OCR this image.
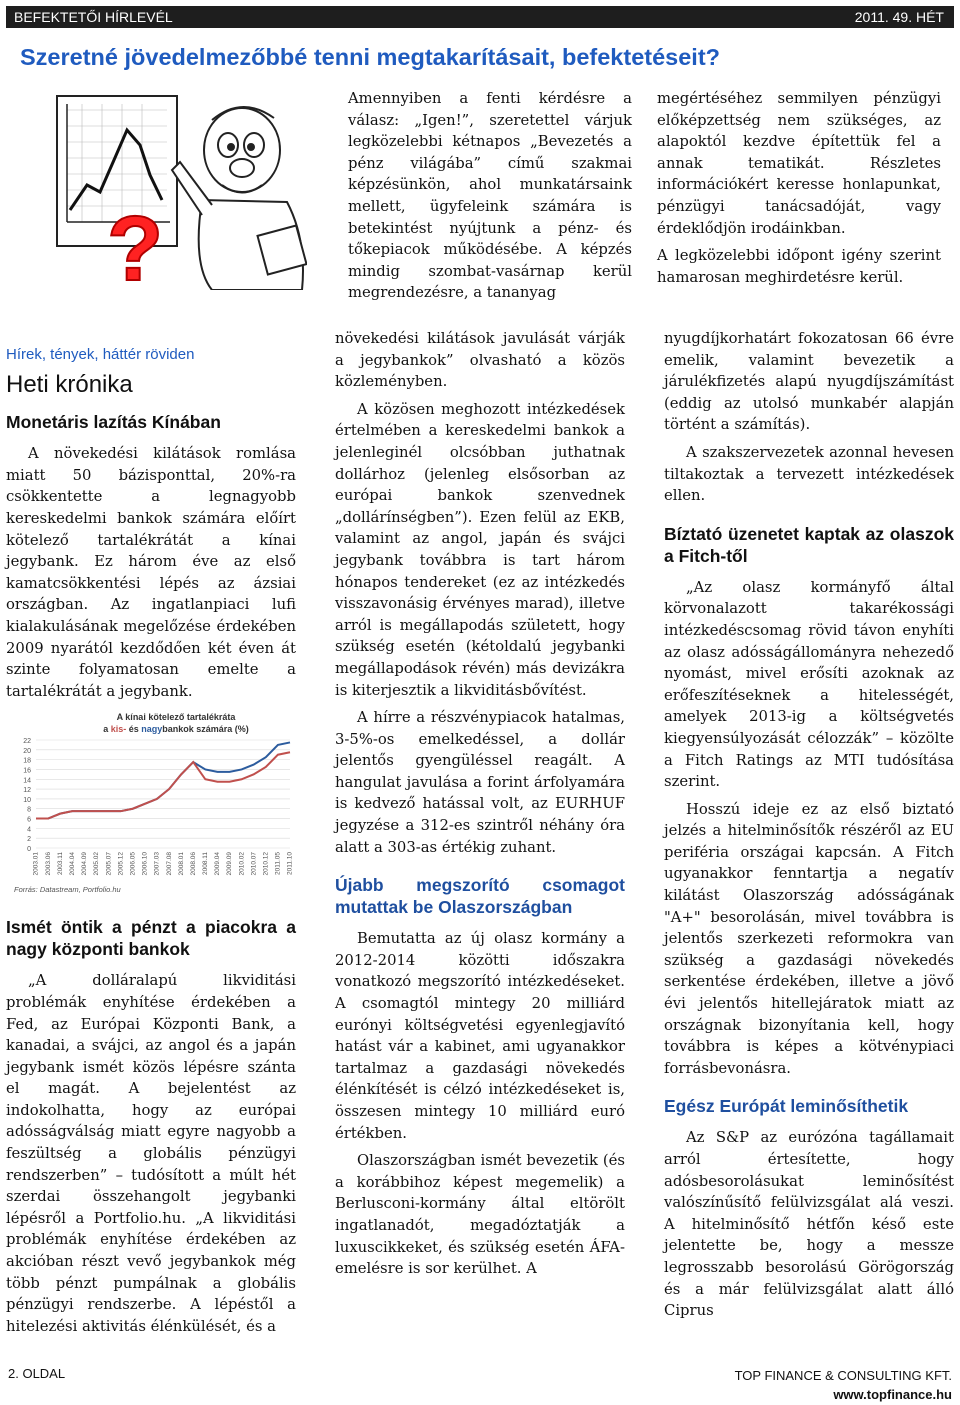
BEFEKTETŐI HÍRLEVÉL	2011. 49. HÉT
Szeretné jövedelmezőbbé tenni megtakarításait, befektetéseit?
?

Amennyiben a fenti kérdésre a válasz: „Igen!”, szeretettel várjuk legközelebbi kétnapos „Bevezetés a pénz világába” című szakmai képzésünkön, ahol munkatársaink mellett, ügyfeleink számára is betekintést nyújtunk a pénz- és tőkepiacok működésébe. A képzés mindig szombat-vasárnap kerül megrendezésre, a tananyag

megértéséhez semmilyen pénzügyi előképzettség nem szükséges, az alapoktól kezdve építettük fel a annak tematikát. Részletes információkért keresse honlapunkat, pénzügyi tanácsadóját, vagy érdeklődjön irodáinkban.

A legközelebbi időpont igény szerint hamarosan meghirdetésre kerül.

Hírek, tények, háttér röviden
Heti krónika
Monetáris lazítás Kínában

A növekedési kilátások romlása miatt 50 bázisponttal, 20%-ra csökkentette a legnagyobb kereskedelmi bankok számára előírt kötelező tartalékrátát a kínai jegybank. Ez három éve az első kamatcsökkentési lépés az ázsiai országban. Az ingatlanpiaci lufi kialakulásának megelőzése érdekében 2009 nyarától kezdődően két éven át szinte folyamatosan emelte a tartalékrátát a jegybank.

A kínai kötelező tartalékráta
a kis- és nagybankok számára (%)
0
2
4
6
8
10
12
14
16
18
20
22
2003.01 2003.06 2003.11 2004.04 2004.09 2005.02 2005.07 2005.12 2006.05 2006.10 2007.03 2007.08 2008.01 2008.06 2008.11 2009.04 2009.09 2010.02 2010.07 2010.12 2011.05 2011.10
Forrás: Datastream, Portfolio.hu
Ismét öntik a pénzt a piacokra a nagy központi bankok

„A dolláralapú likviditási problémák enyhítése érdekében a Fed, az Európai Központi Bank, a kanadai, a svájci, az angol és a japán jegybank ismét közös lépésre szánta el magát. A bejelentést az indokolhatta, hogy az európai adósságválság miatt egyre nagyobb a feszültség a globális pénzügyi rendszerben” – tudósított a múlt hét szerdai összehangolt jegybanki lépésről a Portfolio.hu. „A likviditási problémák enyhítése érdekében az akcióban részt vevő jegybankok még több pénzt pumpálnak a globális pénzügyi rendszerbe. A lépéstől a hitelezési aktivitás élénkülését, és a

növekedési kilátások javulását várják a jegybankok” olvasható a közös közleményben.

A közösen meghozott intézkedések értelmében a kereskedelmi bankok a jelenleginél olcsóbban juthatnak dollárhoz (jelenleg elsősorban az európai bankok szenvednek „dollárínségben”). Ezen felül az EKB, valamint az angol, japán és svájci jegybank továbbra is tart három hónapos tendereket (ez az intézkedés visszavonásig érvényes marad), illetve arról is megállapodás született, hogy szükség esetén (kétoldalú jegybanki megállapodások révén) más devizákra is kiterjesztik a likviditásbővítést.

A hírre a részvénypiacok hatalmas, 3-5%-os emelkedéssel, a dollár jelentős gyengüléssel reagált. A hangulat javulása a forint árfolyamára is kedvező hatással volt, az EURHUF jegyzése a 312-es szintről néhány óra alatt a 303-as értékig zuhant.

Újabb megszorító csomagot mutattak be Olaszországban

Bemutatta az új olasz kormány a 2012-2014 közötti időszakra vonatkozó megszorító intézkedéseket. A csomagtól mintegy 20 milliárd eurónyi költségvetési egyenlegjavító hatást vár a kabinet, ami ugyanakkor tartalmaz a gazdasági növekedés élénkítését is célzó intézkedéseket is, összesen mintegy 10 milliárd euró értékben.

Olaszországban ismét bevezetik (és a korábbihoz képest megemelik) a Berlusconi-kormány által eltörölt ingatlanadót, megadóztatják a luxuscikkeket, és szükség esetén ÁFA-emelésre is sor kerülhet. A

nyugdíjkorhatárt fokozatosan 66 évre emelik, valamint bevezetik a járulékfizetés alapú nyugdíjszámítást (eddig az utolsó munkabér alapján történt a számítás).

A szakszervezetek azonnal hevesen tiltakoztak a tervezett intézkedések ellen.

Bíztató üzenetet kaptak az olaszok a Fitch-től

„Az olasz kormányfő által körvonalazott takarékossági intézkedéscsomag rövid távon enyhíti az olasz adósságállományra nehezedő nyomást, mivel erősíti azoknak az erőfeszítéseknek a hitelességét, amelyek 2013-ig a költségvetés kiegyensúlyozását célozzák” – közölte a Fitch Ratings az MTI tudósítása szerint.

Hosszú ideje ez az első biztató jelzés a hitelminősítők részéről az EU periféria országai kapcsán. A Fitch ugyanakkor fenntartja a negatív kilátást Olaszország adósságának "A+" besorolásán, mivel továbbra is jelentős szerkezeti reformokra van szükség a gazdasági növekedés serkentése érdekében, illetve a jövő évi jelentős hitellejáratok miatt az országnak bizonyítania kell, hogy továbbra is képes a kötvénypiaci forrásbevonásra.

Egész Európát leminősíthetik

Az S&P az eurózóna tagállamait arról értesítette, hogy adósbesorolásukat leminősítést valószínűsítő felülvizsgálat alá veszi. A hitelminősítő hétfőn késő este jelentette be, hogy a messze legrosszabb besorolású Görögország és a már felülvizsgálat alatt álló Ciprus

2. OLDAL	TOP FINANCE & CONSULTING KFT.
www.topfinance.hu
